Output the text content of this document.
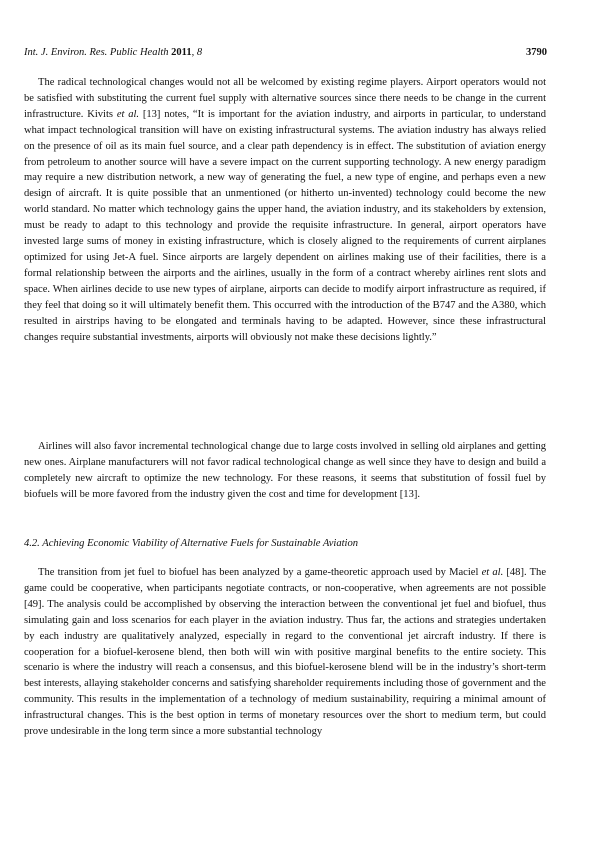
Int. J. Environ. Res. Public Health 2011, 8	3790

The radical technological changes would not all be welcomed by existing regime players. Airport operators would not be satisfied with substituting the current fuel supply with alternative sources since there needs to be change in the current infrastructure. Kivits et al. [13] notes, “It is important for the aviation industry, and airports in particular, to understand what impact technological transition will have on existing infrastructural systems. The aviation industry has always relied on the presence of oil as its main fuel source, and a clear path dependency is in effect. The substitution of aviation energy from petroleum to another source will have a severe impact on the current supporting technology. A new energy paradigm may require a new distribution network, a new way of generating the fuel, a new type of engine, and perhaps even a new design of aircraft. It is quite possible that an unmentioned (or hitherto un-invented) technology could become the new world standard. No matter which technology gains the upper hand, the aviation industry, and its stakeholders by extension, must be ready to adapt to this technology and provide the requisite infrastructure. In general, airport operators have invested large sums of money in existing infrastructure, which is closely aligned to the requirements of current airplanes optimized for using Jet-A fuel. Since airports are largely dependent on airlines making use of their facilities, there is a formal relationship between the airports and the airlines, usually in the form of a contract whereby airlines rent slots and space. When airlines decide to use new types of airplane, airports can decide to modify airport infrastructure as required, if they feel that doing so it will ultimately benefit them. This occurred with the introduction of the B747 and the A380, which resulted in airstrips having to be elongated and terminals having to be adapted. However, since these infrastructural changes require substantial investments, airports will obviously not make these decisions lightly.”

Airlines will also favor incremental technological change due to large costs involved in selling old airplanes and getting new ones. Airplane manufacturers will not favor radical technological change as well since they have to design and build a completely new aircraft to optimize the new technology. For these reasons, it seems that substitution of fossil fuel by biofuels will be more favored from the industry given the cost and time for development [13].

4.2. Achieving Economic Viability of Alternative Fuels for Sustainable Aviation

The transition from jet fuel to biofuel has been analyzed by a game-theoretic approach used by Maciel et al. [48]. The game could be cooperative, when participants negotiate contracts, or non-cooperative, when agreements are not possible [49]. The analysis could be accomplished by observing the interaction between the conventional jet fuel and biofuel, thus simulating gain and loss scenarios for each player in the aviation industry. Thus far, the actions and strategies undertaken by each industry are qualitatively analyzed, especially in regard to the conventional jet aircraft industry. If there is cooperation for a biofuel-kerosene blend, then both will win with positive marginal benefits to the entire society. This scenario is where the industry will reach a consensus, and this biofuel-kerosene blend will be in the industry’s short-term best interests, allaying stakeholder concerns and satisfying shareholder requirements including those of government and the community. This results in the implementation of a technology of medium sustainability, requiring a minimal amount of infrastructural changes. This is the best option in terms of monetary resources over the short to medium term, but could prove undesirable in the long term since a more substantial technology
